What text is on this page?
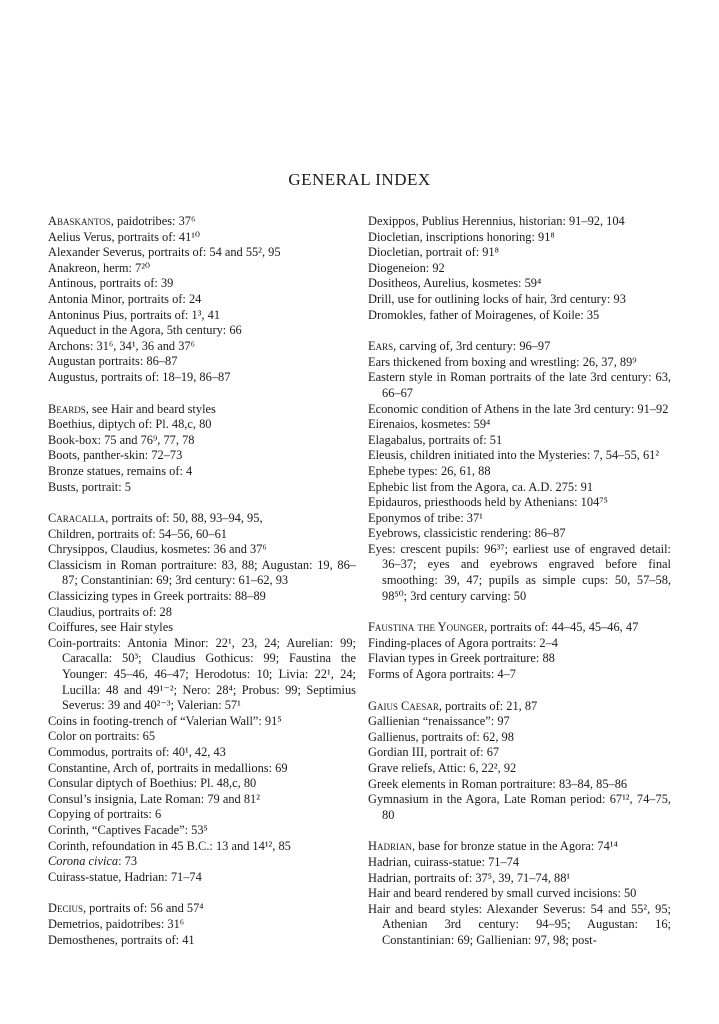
GENERAL INDEX

Abaskantos, paidotribes: 37⁶

Aelius Verus, portraits of: 41¹⁰

Alexander Severus, portraits of: 54 and 55², 95

Anakreon, herm: 7²⁰

Antinous, portraits of: 39

Antonia Minor, portraits of: 24

Antoninus Pius, portraits of: 1³, 41

Aqueduct in the Agora, 5th century: 66

Archons: 31⁶, 34¹, 36 and 37⁶

Augustan portraits: 86–87

Augustus, portraits of: 18–19, 86–87

Beards, see Hair and beard styles

Boethius, diptych of: Pl. 48,c, 80

Book-box: 75 and 76⁹, 77, 78

Boots, panther-skin: 72–73

Bronze statues, remains of: 4

Busts, portrait: 5

Caracalla, portraits of: 50, 88, 93–94, 95,

Children, portraits of: 54–56, 60–61

Chrysippos, Claudius, kosmetes: 36 and 37⁶

Classicism in Roman portraiture: 83, 88; Augustan: 19, 86–87; Constantinian: 69; 3rd century: 61–62, 93

Classicizing types in Greek portraits: 88–89

Claudius, portraits of: 28

Coiffures, see Hair styles

Coin-portraits: Antonia Minor: 22¹, 23, 24; Aurelian: 99; Caracalla: 50³; Claudius Gothicus: 99; Faustina the Younger: 45–46, 46–47; Herodotus: 10; Livia: 22¹, 24; Lucilla: 48 and 49¹⁻²; Nero: 28⁴; Probus: 99; Septimius Severus: 39 and 40²⁻³; Valerian: 57¹

Coins in footing-trench of “Valerian Wall”: 91⁵

Color on portraits: 65

Commodus, portraits of: 40¹, 42, 43

Constantine, Arch of, portraits in medallions: 69

Consular diptych of Boethius: Pl. 48,c, 80

Consul’s insignia, Late Roman: 79 and 81²

Copying of portraits: 6

Corinth, “Captives Facade”: 53⁵

Corinth, refoundation in 45 B.C.: 13 and 14¹², 85

Corona civica: 73

Cuirass-statue, Hadrian: 71–74

Decius, portraits of: 56 and 57⁴

Demetrios, paidotribes: 31⁶

Demosthenes, portraits of: 41

Dexippos, Publius Herennius, historian: 91–92, 104

Diocletian, inscriptions honoring: 91⁸

Diocletian, portrait of: 91⁸

Diogeneion: 92

Dositheos, Aurelius, kosmetes: 59⁴

Drill, use for outlining locks of hair, 3rd century: 93

Dromokles, father of Moiragenes, of Koile: 35

Ears, carving of, 3rd century: 96–97

Ears thickened from boxing and wrestling: 26, 37, 89⁹

Eastern style in Roman portraits of the late 3rd century: 63, 66–67

Economic condition of Athens in the late 3rd century: 91–92

Eirenaios, kosmetes: 59⁴

Elagabalus, portraits of: 51

Eleusis, children initiated into the Mysteries: 7, 54–55, 61²

Ephebe types: 26, 61, 88

Ephebic list from the Agora, ca. A.D. 275: 91

Epidauros, priesthoods held by Athenians: 104⁷⁵

Eponymos of tribe: 37¹

Eyebrows, classicistic rendering: 86–87

Eyes: crescent pupils: 96³⁷; earliest use of engraved detail: 36–37; eyes and eyebrows engraved before final smoothing: 39, 47; pupils as simple cups: 50, 57–58, 98⁵⁰; 3rd century carving: 50

Faustina the Younger, portraits of: 44–45, 45–46, 47

Finding-places of Agora portraits: 2–4

Flavian types in Greek portraiture: 88

Forms of Agora portraits: 4–7

Gaius Caesar, portraits of: 21, 87

Gallienian “renaissance”: 97

Gallienus, portraits of: 62, 98

Gordian III, portrait of: 67

Grave reliefs, Attic: 6, 22², 92

Greek elements in Roman portraiture: 83–84, 85–86

Gymnasium in the Agora, Late Roman period: 67¹², 74–75, 80

Hadrian, base for bronze statue in the Agora: 74¹⁴

Hadrian, cuirass-statue: 71–74

Hadrian, portraits of: 37⁵, 39, 71–74, 88¹

Hair and beard rendered by small curved incisions: 50

Hair and beard styles: Alexander Severus: 54 and 55², 95; Athenian 3rd century: 94–95; Augustan: 16; Constantinian: 69; Gallienian: 97, 98; post-
